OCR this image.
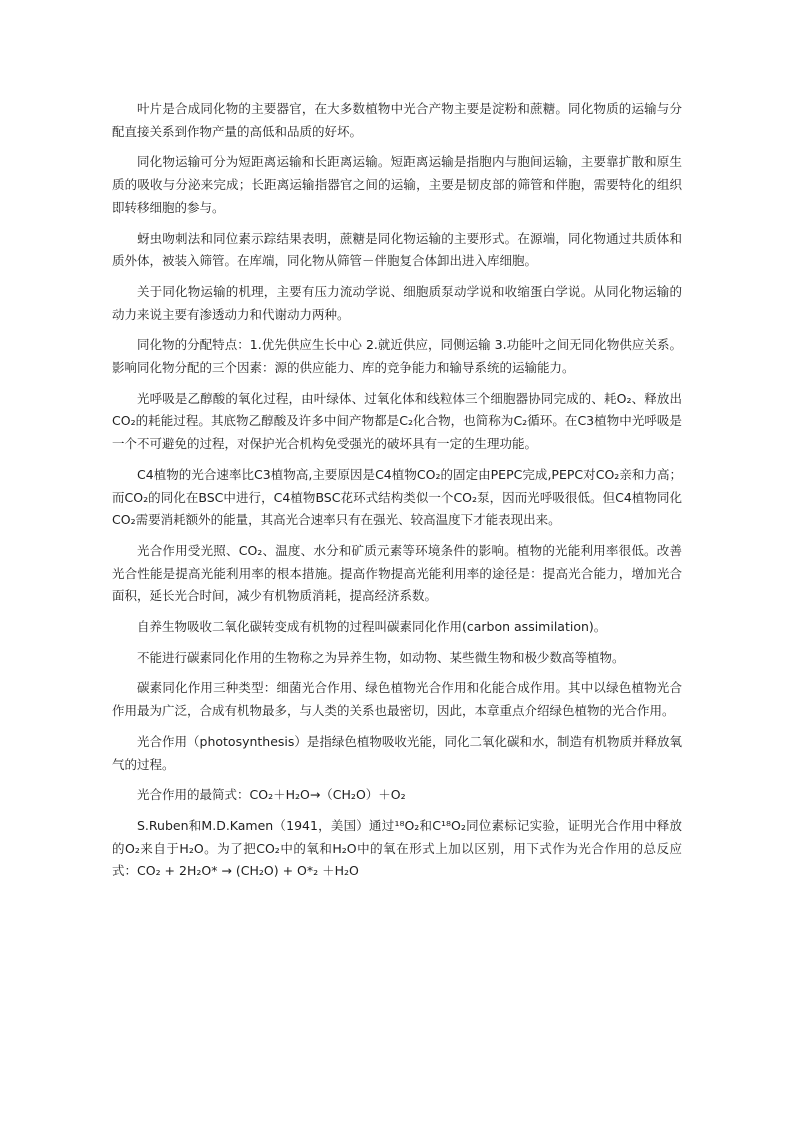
叶片是合成同化物的主要器官，在大多数植物中光合产物主要是淀粉和蔗糖。同化物质的运输与分配直接关系到作物产量的高低和品质的好坏。

同化物运输可分为短距离运输和长距离运输。短距离运输是指胞内与胞间运输，主要靠扩散和原生质的吸收与分泌来完成；长距离运输指器官之间的运输，主要是韧皮部的筛管和伴胞，需要特化的组织即转移细胞的参与。

蚜虫吻刺法和同位素示踪结果表明，蔗糖是同化物运输的主要形式。在源端，同化物通过共质体和质外体，被装入筛管。在库端，同化物从筛管－伴胞复合体卸出进入库细胞。

关于同化物运输的机理，主要有压力流动学说、细胞质泵动学说和收缩蛋白学说。从同化物运输的动力来说主要有渗透动力和代谢动力两种。

同化物的分配特点：1.优先供应生长中心 2.就近供应，同侧运输 3.功能叶之间无同化物供应关系。影响同化物分配的三个因素：源的供应能力、库的竞争能力和输导系统的运输能力。

光呼吸是乙醇酸的氧化过程，由叶绿体、过氧化体和线粒体三个细胞器协同完成的、耗O₂、释放出CO₂的耗能过程。其底物乙醇酸及许多中间产物都是C₂化合物，也简称为C₂循环。在C3植物中光呼吸是一个不可避免的过程，对保护光合机构免受强光的破坏具有一定的生理功能。

C4植物的光合速率比C3植物高,主要原因是C4植物CO₂的固定由PEPC完成,PEPC对CO₂亲和力高；而CO₂的同化在BSC中进行，C4植物BSC花环式结构类似一个CO₂泵，因而光呼吸很低。但C4植物同化CO₂需要消耗额外的能量，其高光合速率只有在强光、较高温度下才能表现出来。

光合作用受光照、CO₂、温度、水分和矿质元素等环境条件的影响。植物的光能利用率很低。改善光合性能是提高光能利用率的根本措施。提高作物提高光能利用率的途径是：提高光合能力，增加光合面积，延长光合时间，减少有机物质消耗，提高经济系数。

自养生物吸收二氧化碳转变成有机物的过程叫碳素同化作用(carbon assimilation)。

不能进行碳素同化作用的生物称之为异养生物，如动物、某些微生物和极少数高等植物。

碳素同化作用三种类型：细菌光合作用、绿色植物光合作用和化能合成作用。其中以绿色植物光合作用最为广泛，合成有机物最多，与人类的关系也最密切，因此，本章重点介绍绿色植物的光合作用。

光合作用（photosynthesis）是指绿色植物吸收光能，同化二氧化碳和水，制造有机物质并释放氧气的过程。

光合作用的最简式：CO₂＋H₂O→（CH₂O）＋O₂

S.Ruben和M.D.Kamen（1941，美国）通过¹⁸O₂和C¹⁸O₂同位素标记实验，证明光合作用中释放的O₂来自于H₂O。为了把CO₂中的氧和H₂O中的氧在形式上加以区别，用下式作为光合作用的总反应式：CO₂ + 2H₂O* → (CH₂O) + O*₂ ＋H₂O
